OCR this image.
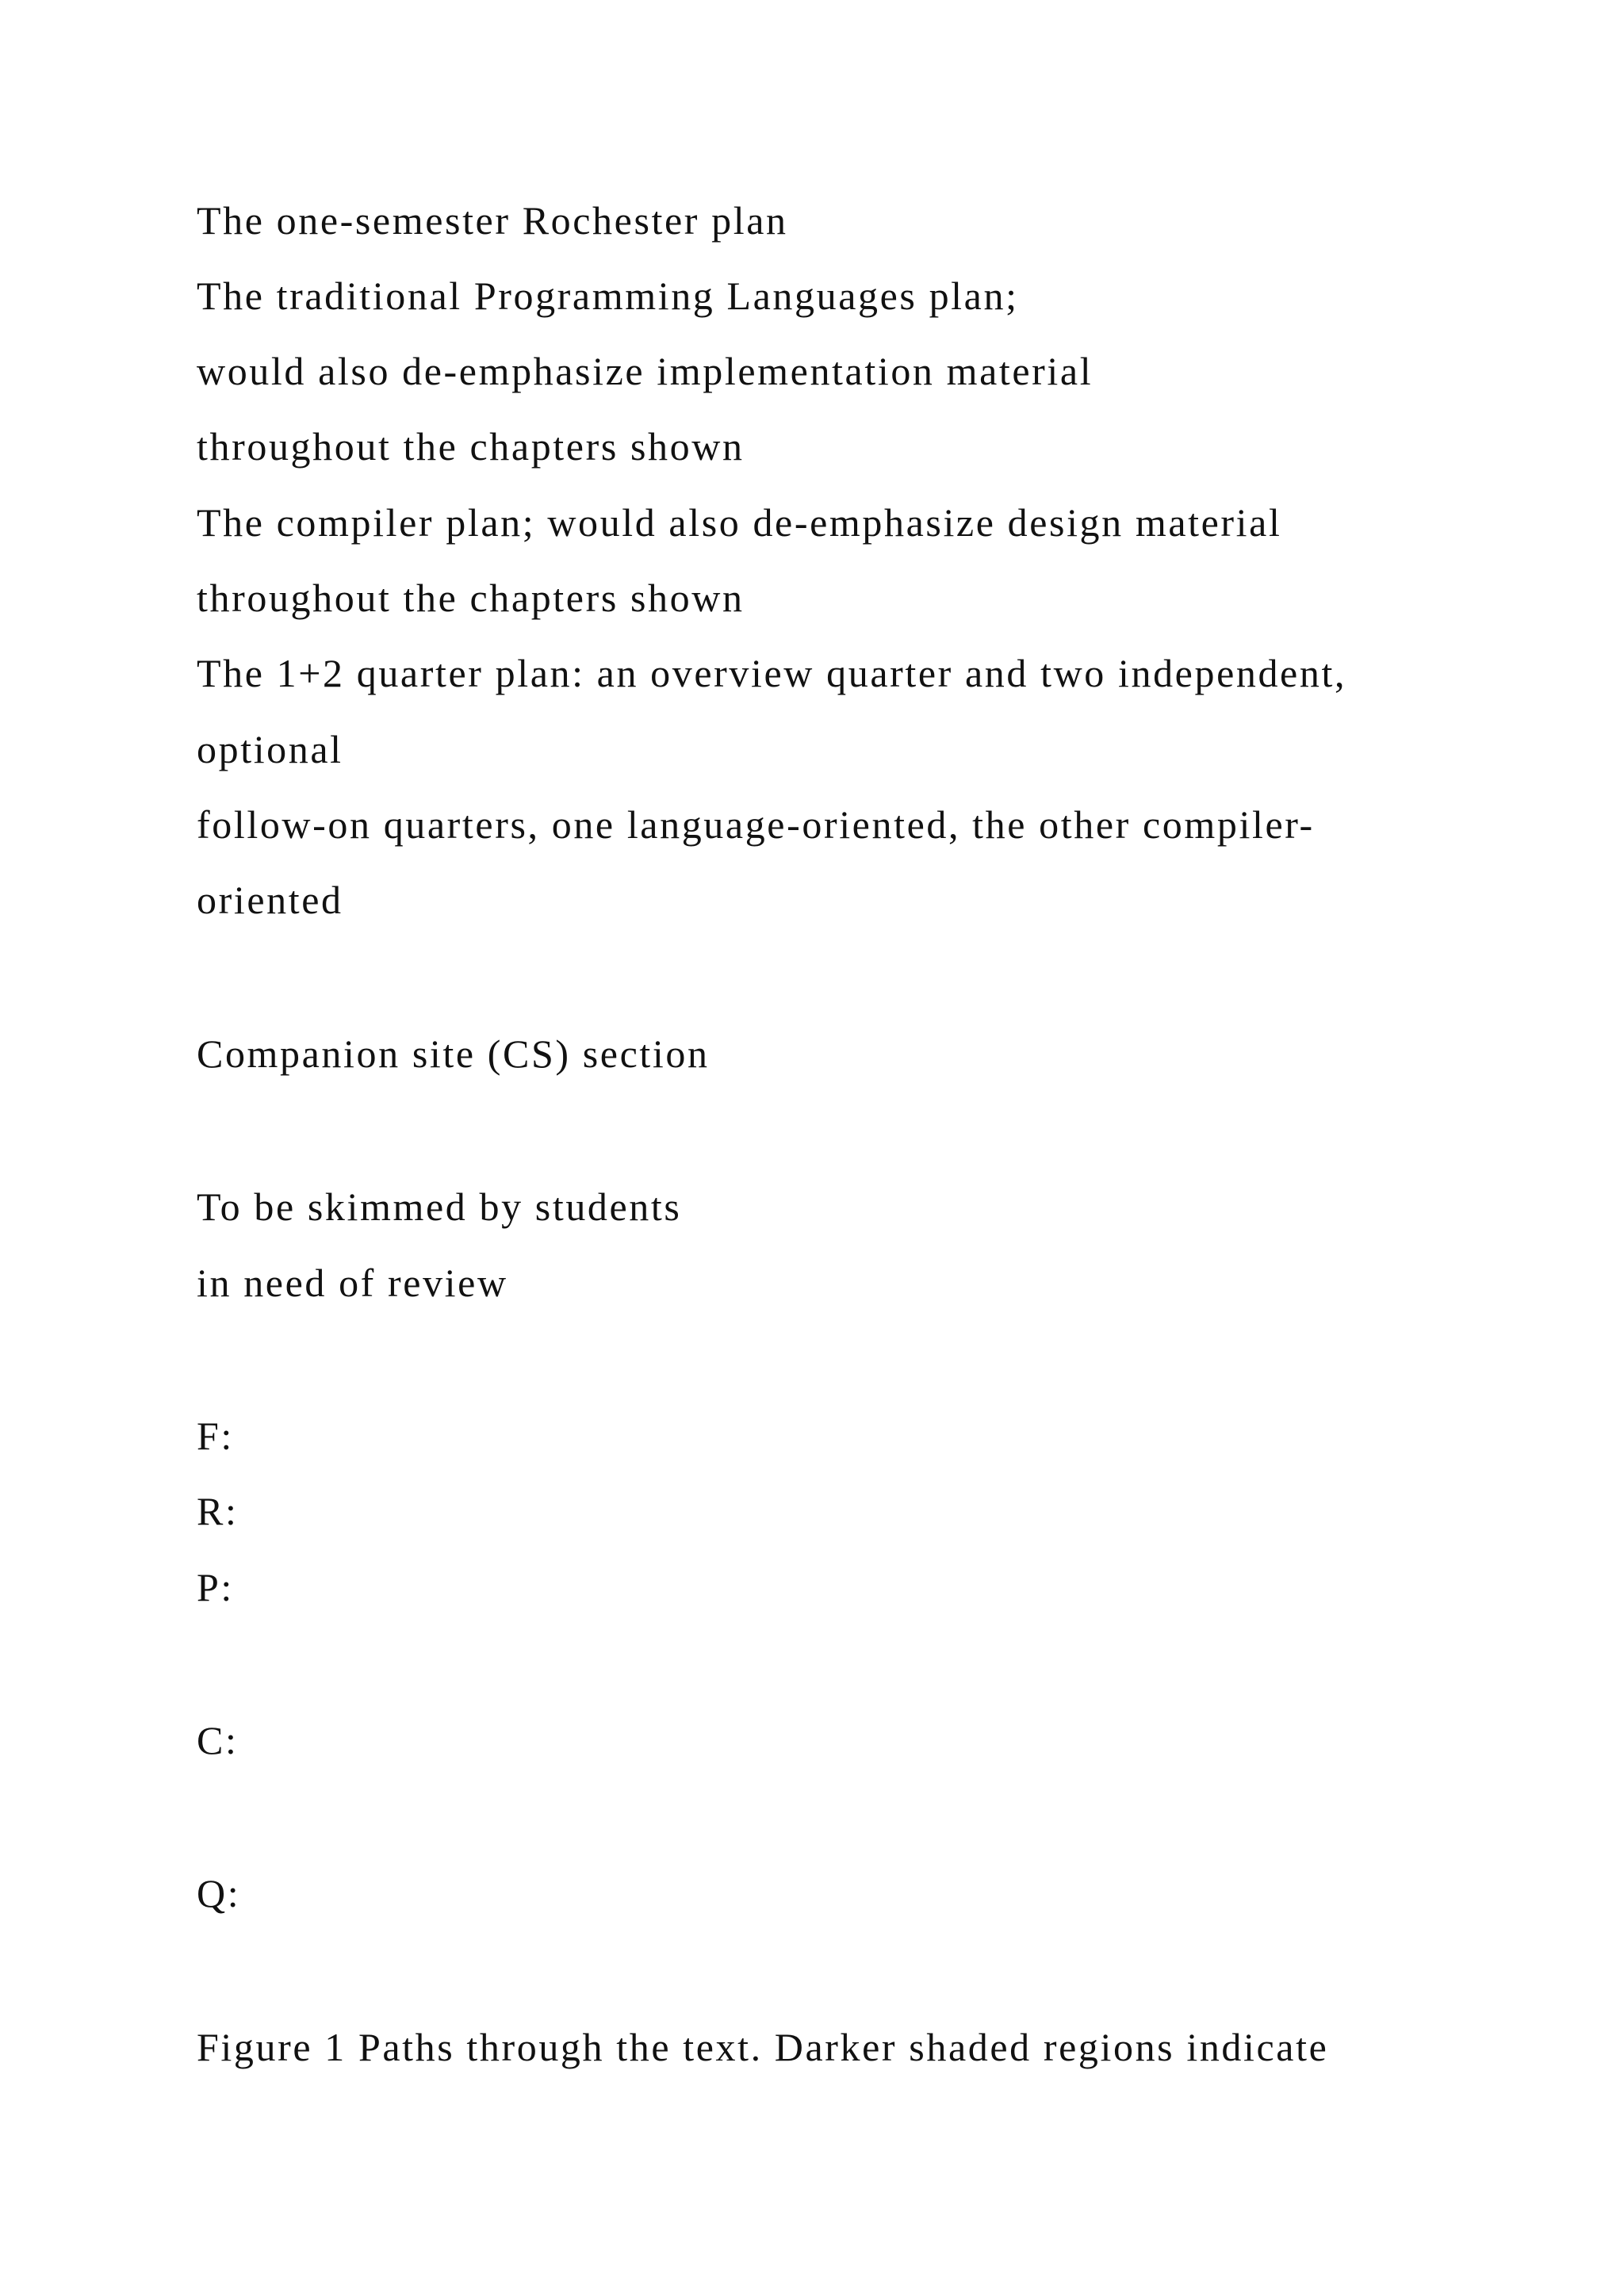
The one-semester Rochester plan

The traditional Programming Languages plan;

would also de-emphasize implementation material

throughout the chapters shown

The compiler plan; would also de-emphasize design material

throughout the chapters shown

The 1+2 quarter plan: an overview quarter and two independent,

optional

follow-on quarters, one language-oriented, the other compiler-

oriented

Companion site (CS) section

To be skimmed by students

in need of review

F:

R:

P:

C:

Q:

Figure 1 Paths through the text. Darker shaded regions indicate
